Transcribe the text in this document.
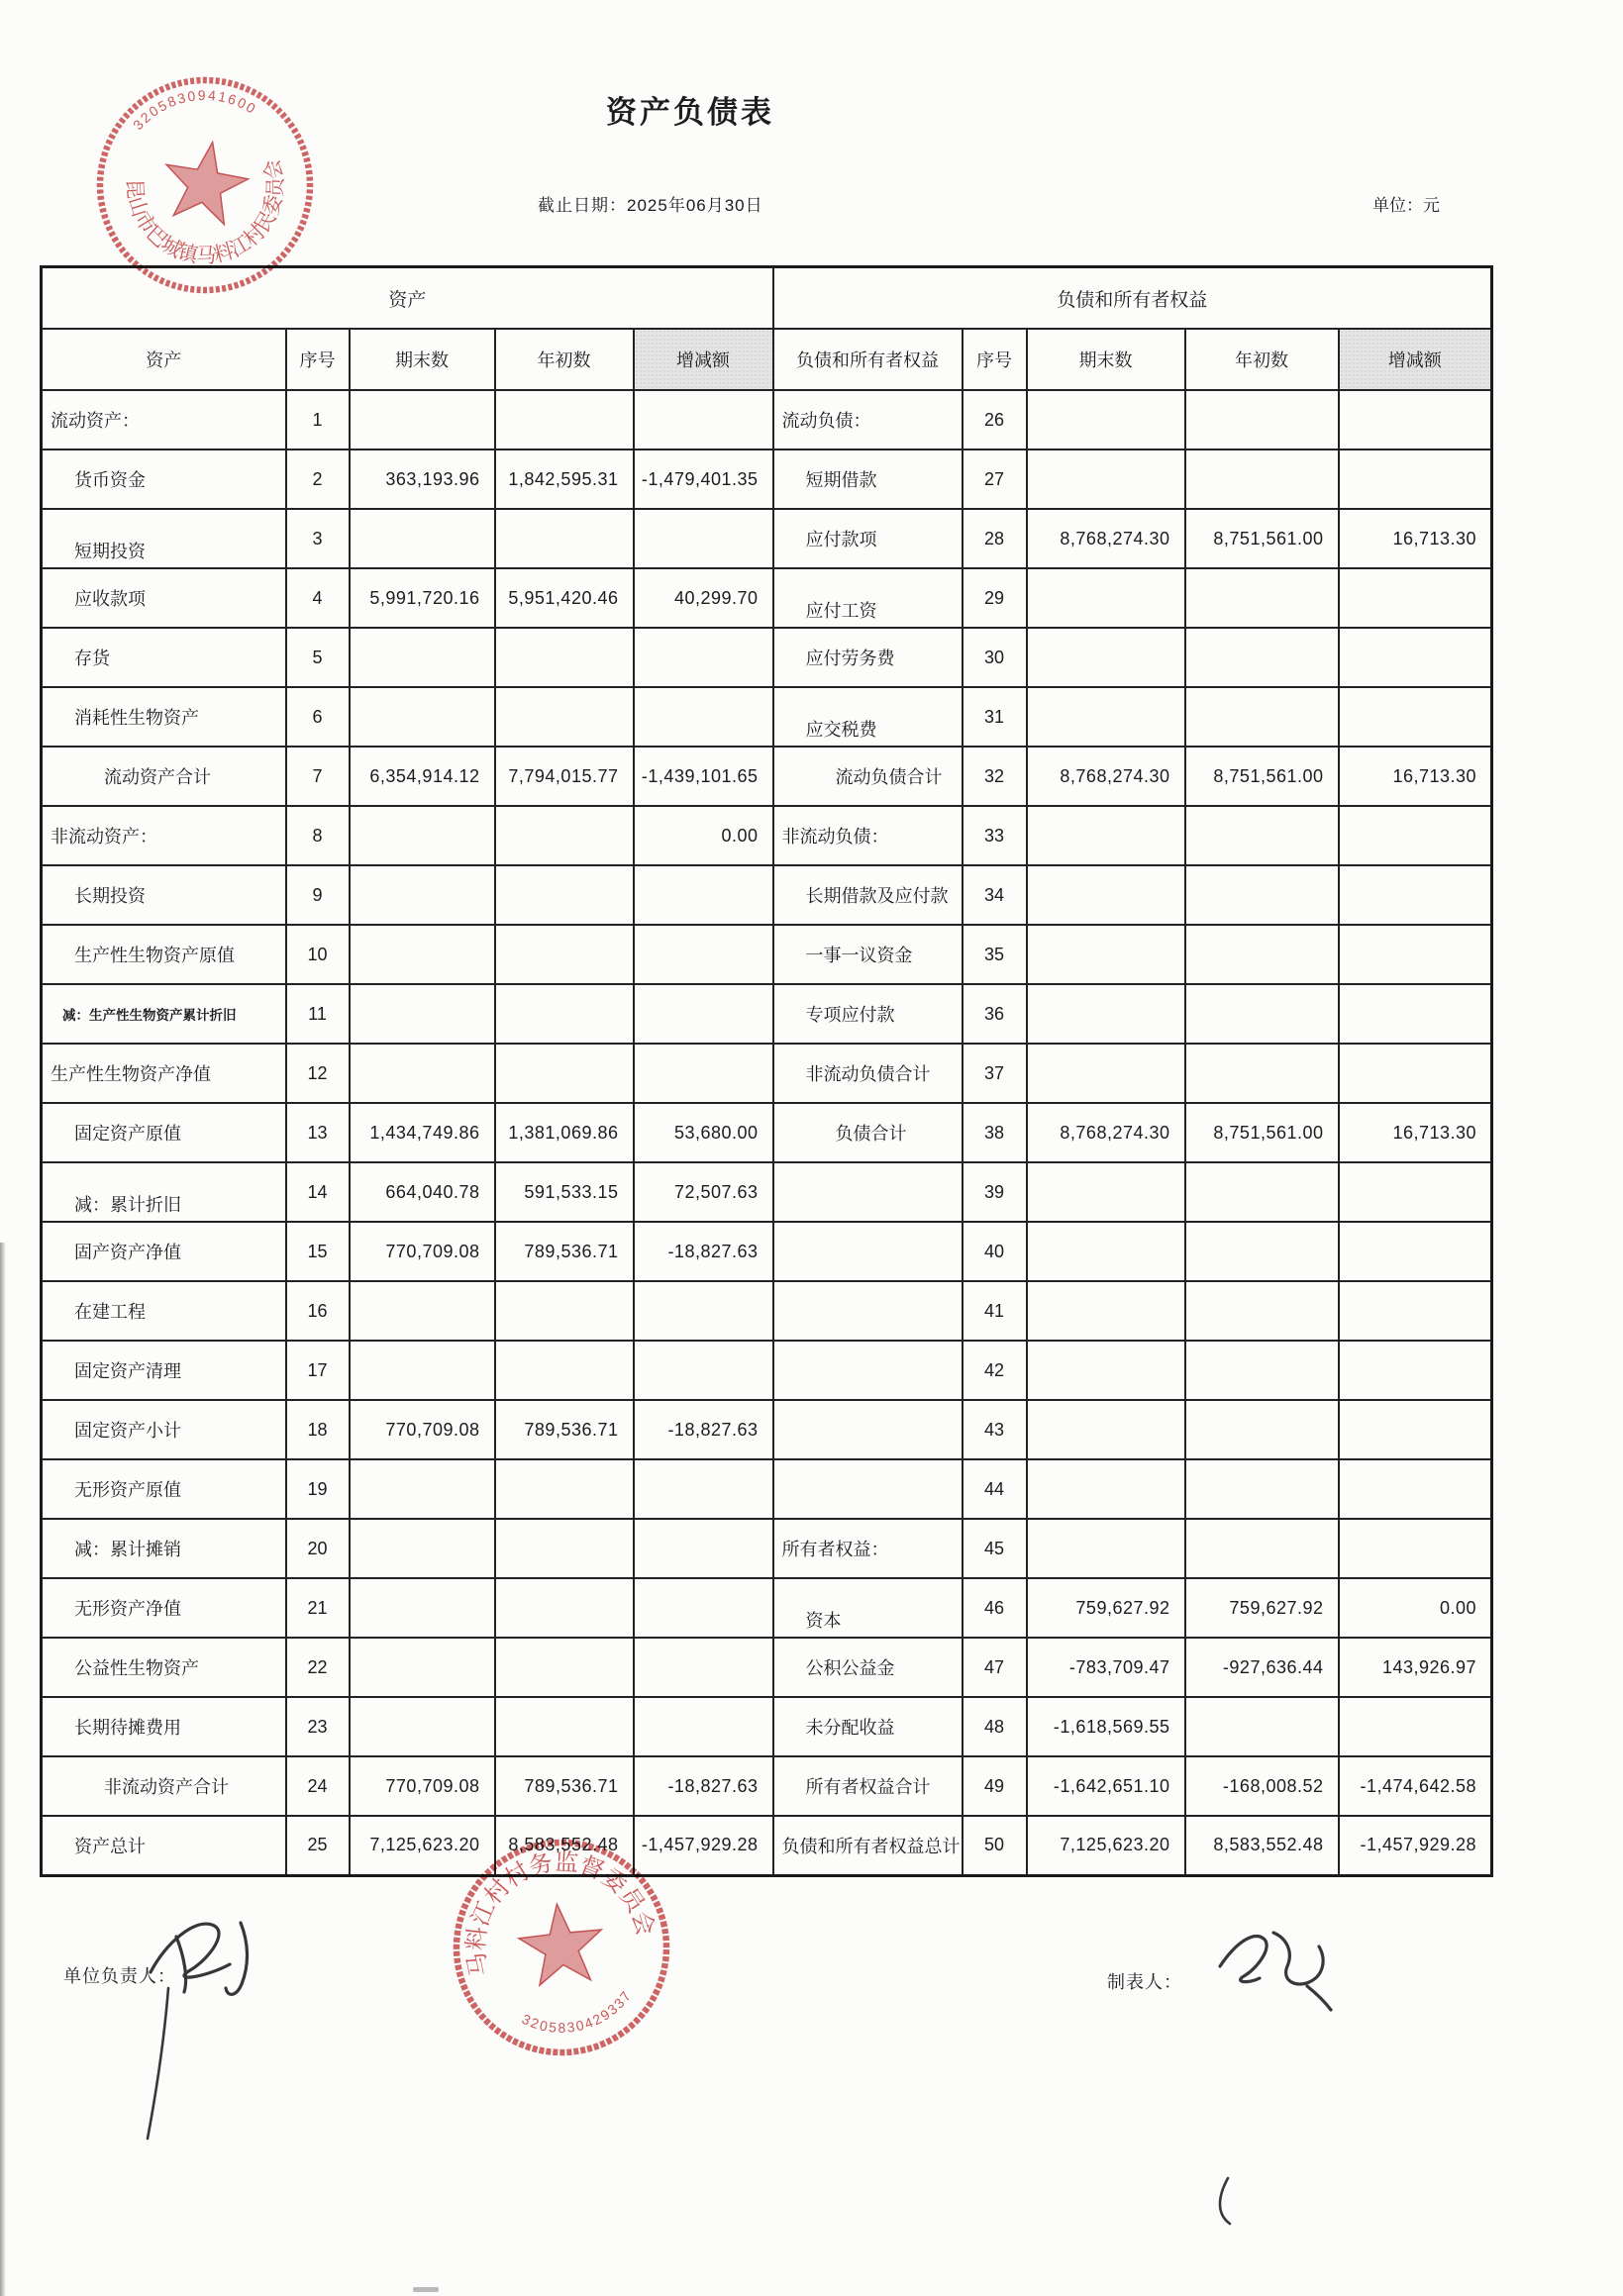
资产负债表
截止日期：2025年06月30日	单位：元
资产					负债和所有者权益				
资产	序号	期末数	年初数	增减额	负债和所有者权益	序号	期末数	年初数	增减额
流动资产：	1				流动负债：	26			
货币资金	2	363,193.96	1,842,595.31	-1,479,401.35	短期借款	27			
短期投资	3				应付款项	28	8,768,274.30	8,751,561.00	16,713.30
应收款项	4	5,991,720.16	5,951,420.46	40,299.70	应付工资	29			
存货	5				应付劳务费	30			
消耗性生物资产	6				应交税费	31			
流动资产合计	7	6,354,914.12	7,794,015.77	-1,439,101.65	流动负债合计	32	8,768,274.30	8,751,561.00	16,713.30
非流动资产：	8			0.00	非流动负债：	33			
长期投资	9				长期借款及应付款	34			
生产性生物资产原值	10				一事一议资金	35			
减：生产性生物资产累计折旧	11				专项应付款	36			
生产性生物资产净值	12				非流动负债合计	37			
固定资产原值	13	1,434,749.86	1,381,069.86	53,680.00	负债合计	38	8,768,274.30	8,751,561.00	16,713.30
减：累计折旧	14	664,040.78	591,533.15	72,507.63		39			
固产资产净值	15	770,709.08	789,536.71	-18,827.63		40			
在建工程	16					41			
固定资产清理	17					42			
固定资产小计	18	770,709.08	789,536.71	-18,827.63		43			
无形资产原值	19					44			
减：累计摊销	20				所有者权益：	45			
无形资产净值	21				资本	46	759,627.92	759,627.92	0.00
公益性生物资产	22				公积公益金	47	-783,709.47	-927,636.44	143,926.97
长期待摊费用	23				未分配收益	48	-1,618,569.55		
非流动资产合计	24	770,709.08	789,536.71	-18,827.63	所有者权益合计	49	-1,642,651.10	-168,008.52	-1,474,642.58
资产总计	25	7,125,623.20	8,583,552.48	-1,457,929.28	负债和所有者权益总计	50	7,125,623.20	8,583,552.48	-1,457,929.28
3205830941600
昆山市巴城镇马料江村民委员会
马料江村村务监督委员会
3205830429337
单位负责人：	制表人：
